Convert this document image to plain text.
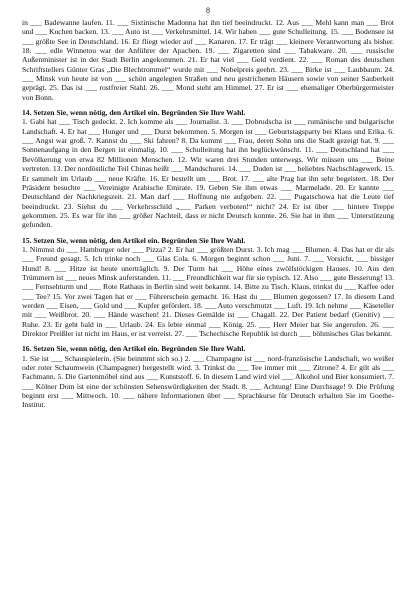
8

in ___ Badewanne laufen. 11. ___ Sixtinische Madonna hat ihn tief beeindruckt. 12. Aus ___ Mehl kann man ___ Brot und ___ Kuchen backen. 13. ___ Auto ist ___ Verkehrsmittel. 14. Wir haben ___ gute Schulleitung. 15. ___ Bodensee ist ___ größte See in Deutschland. 16. Er fliegt wieder auf ___ Kanaren. 17. Er trägt ___ kleinere Verantwortung als bisher. 18. ___ edle Winnetou war der Anführer der Apachen. 19. ___ Zigaretten sind ___ Tabakware. 20. ___ russische Außenminister ist in der Stadt Berlin angekommen. 21. Er hat viel ___ Geld verdient. 22. ___ Roman des deutschen Schriftstellers Günter Gras „Die Blechtrommel“ wurde mit ___ Nobelpreis geehrt. 23. ___ Birke ist ___ Laubbaum. 24. ___ Minsk von heute ist von ___ schön angelegten Straßen und neu gestrichenen Häusern sowie von seiner Sauberkeit geprägt. 25. Das ist ___ rostfreier Stahl. 26. ___ Mond steht am Himmel. 27. Er ist ___ ehemaliger Oberbürgermeister von Bonn.

14. Setzen Sie, wenn nötig, den Artikel ein. Begründen Sie Ihre Wahl.

1. Gabi hat ___ Tisch gedeckt. 2. Ich komme als ___ Journalist. 3. ___ Dobrudscha ist ___ rumänische und bulgarische Landschaft. 4. Er hat ___ Hunger und ___ Durst bekommen. 5. Morgen ist ___ Geburtstagsparty bei Klaus und Erika. 6. ___ Angst war groß. 7. Kannst du ___ Ski fahren? 8. Da kommt ___ Frau, deren Sohn uns die Stadt gezeigt hat. 9. ___ Sonnenaufgang in den Bergen ist einmalig. 10. ___ Schulleitung hat ihn beglückwünscht. 11. ___ Deutschland hat ___ Bevölkerung von etwa 82 Millionen Menschen. 12. Wir waren drei Stunden unterwegs. Wir müssen uns ___ Beine vertreten. 13. Der nordöstliche Teil Chinas heißt ___ Mandschurei. 14. ___ Duden ist ___ beliebtes Nachschlagewerk. 15. Er sammelt im Urlaub ___ neue Kräfte. 16. Er bestellt um ___ Brot. 17. ___ alte Prag hat ihn sehr begeistert. 18. Der Präsident besuchte ___ Vereinigte Arabische Emirate. 19. Geben Sie ihm etwas ___ Marmelade. 20. Er kannte ___ Deutschland der Nachkriegszeit. 21. Man darf ___ Hoffnung nie aufgeben. 22. ___ Pugatschowa hat die Leute tief beeindruckt. 23. Siehst du ___ Verkehrsschild „___ Parken verboten!“ nicht? 24. Er ist über ___ hintere Treppe gekommen. 25. Es war für ihn ___ größer Nachteil, dass er nicht Deutsch konnte. 26. Sie hat in ihm ___ Unterstützung gefunden.

15. Setzen Sie, wenn nötig, den Artikel ein. Begründen Sie Ihre Wahl.

1. Nimmst du ___ Hamburger oder ___ Pizza? 2. Er hat ___ größten Durst. 3. Ich mag ___ Blumen. 4. Das hat er dir als ___ Freund gesagt. 5. Ich trinke noch ___ Glas Cola. 6. Morgen beginnt schon ___ Juni. 7. ___ Vorsicht, ___ bissiger Hund! 8. ___ Hitze ist heute unerträglich. 9. Der Turm hat ___ Höhe eines zwölfstöckigen Hauses. 10. Aus den Trümmern ist ___ neues Minsk auferstanden. 11. ___ Freundlichkeit war für sie typisch. 12. Also ___ gute Besserung! 13. ___ Fernsehturm und ___ Rote Rathaus in Berlin sind weit bekannt. 14. Bitte zu Tisch. Klaus, trinkst du ___ Kaffee oder ___ Tee? 15. Vor zwei Tagen hat er ___ Führerschein gemacht. 16. Hast du ___ Blumen gegossen? 17. In diesem Land werden ___ Eisen, ___ Gold und ___ Kupfer gefördert. 18. ___ Auto verschmutzt ___ Luft. 19. Ich nehme ___ Käseteller mit ___ Weißbrot. 20. ___ Hände waschen! 21. Dieses Gemälde ist ___ Chagall. 22. Der Patient bedarf (Genitiv) ___ Ruhe. 23. Er geht bald in ___ Urlaub. 24. Es lebte einmal ___ König. 25. ___ Herr Meier hat Sie angerufen. 26. ___ Direktor Preißler ist nicht im Haus, er ist verreist. 27. ___ Tschechische Republik ist durch ___ böhmisches Glas bekannt.

16. Setzen Sie, wenn nötig, den Artikel ein. Begründen Sie Ihre Wahl.

1. Sie ist ___ Schauspielerin. (Sie beinmmt sich so.) 2. ___ Champagne ist ___ nord-französische Landschaft, wo weißer oder roter Schaumwein (Champagner) hergestellt wird. 3. Trinkst du ___ Tee immer mit ___ Zitrone? 4. Er gilt als ___ Fachmann. 5. Die Gartenmöbel sind aus ___ Kunststoff. 6. In diesem Land wird viel ___ Alkohol und Bier konsumiert. 7. ___ Kölner Dom ist eine der schönsten Sehenswürdigkeiten der Stadt. 8. ___ Achtung! Eine Durchsage! 9. Die Prüfung beginnt erst ___ Mittwoch. 10. ___ nähere Informationen über ___ Sprachkurse für Deutsch erhalten Sie im Goethe-Institut.
